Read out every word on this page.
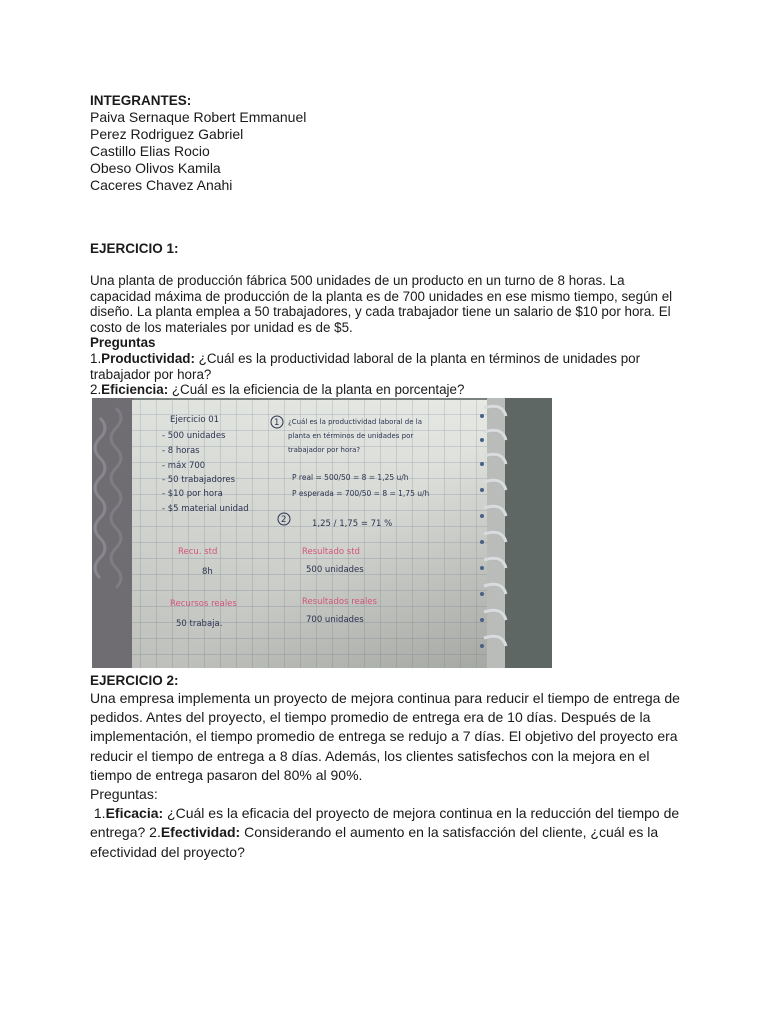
INTEGRANTES:
Paiva Sernaque Robert Emmanuel
Perez Rodriguez Gabriel
Castillo Elias Rocio
Obeso Olivos Kamila
Caceres Chavez Anahi
EJERCICIO 1:
Una planta de producción fábrica 500 unidades de un producto en un turno de 8 horas. La capacidad máxima de producción de la planta es de 700 unidades en ese mismo tiempo, según el diseño. La planta emplea a 50 trabajadores, y cada trabajador tiene un salario de $10 por hora. El costo de los materiales por unidad es de $5.
Preguntas
1.Productividad: ¿Cuál es la productividad laboral de la planta en términos de unidades por trabajador por hora?
2.Eficiencia: ¿Cuál es la eficiencia de la planta en porcentaje?
Ejercicio 01
- 500 unidades
- 8 horas
- máx 700
- 50 trabajadores
- $10 por hora
- $5 material unidad
1 ¿Cuál es la productividad laboral de la
planta en términos de unidades por
trabajador por hora?
P real = 500/50 = 8 = 1,25 u/h
P esperada = 700/50 = 8 = 1,75 u/h
2	1,25 / 1,75 = 71 %
Recu. std	Resultado std
8h	500 unidades
Recursos reales	Resultados reales
50 trabaja.	700 unidades
EJERCICIO 2:
Una empresa implementa un proyecto de mejora continua para reducir el tiempo de entrega de pedidos. Antes del proyecto, el tiempo promedio de entrega era de 10 días. Después de la implementación, el tiempo promedio de entrega se redujo a 7 días. El objetivo del proyecto era reducir el tiempo de entrega a 8 días. Además, los clientes satisfechos con la mejora en el tiempo de entrega pasaron del 80% al 90%.
Preguntas:
1.Eficacia: ¿Cuál es la eficacia del proyecto de mejora continua en la reducción del tiempo de entrega? 2.Efectividad: Considerando el aumento en la satisfacción del cliente, ¿cuál es la efectividad del proyecto?
